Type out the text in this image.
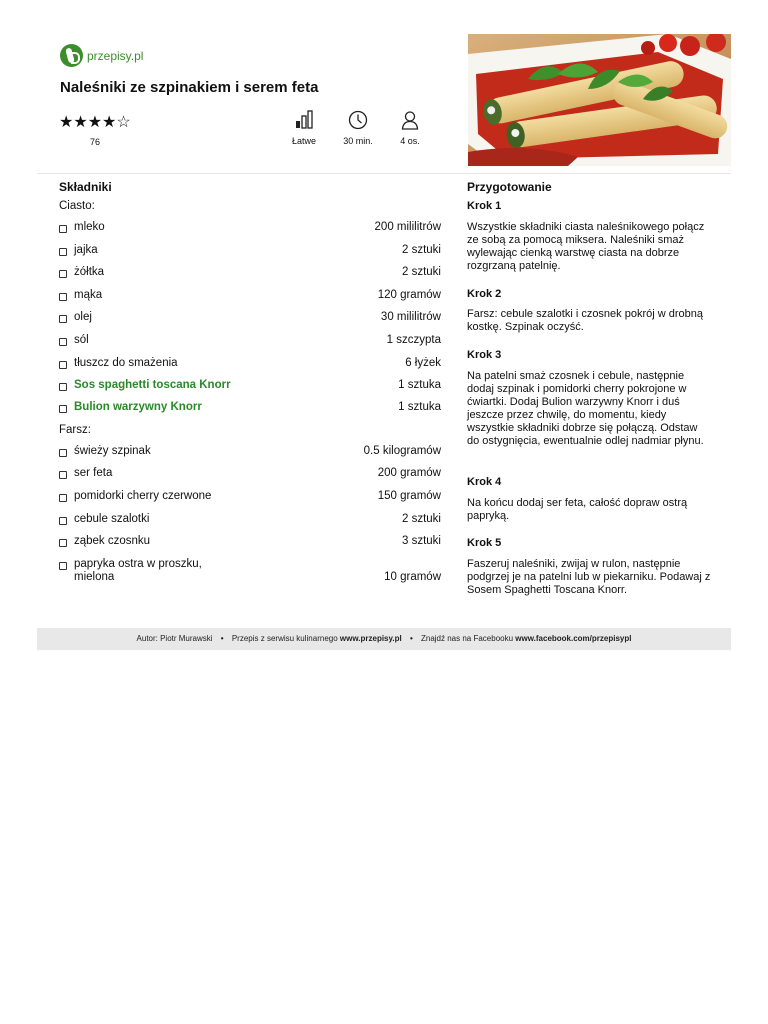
przepisy.pl
Naleśniki ze szpinakiem i serem feta
★★★★☆
76	Łatwe	30 min.	4 os.
Składniki
Ciasto:
mleko	200 mililitrów
jajka	2 sztuki
żółtka	2 sztuki
mąka	120 gramów
olej	30 mililitrów
sól	1 szczypta
tłuszcz do smażenia	6 łyżek
Sos spaghetti toscana Knorr	1 sztuka
Bulion warzywny Knorr	1 sztuka
Farsz:
świeży szpinak	0.5 kilogramów
ser feta	200 gramów
pomidorki cherry czerwone	150 gramów
cebule szalotki	2 sztuki
ząbek czosnku	3 sztuki
papryka ostra w proszku,
mielona	10 gramów
Przygotowanie
Krok 1
Wszystkie składniki ciasta naleśnikowego połącz ze sobą za pomocą miksera. Naleśniki smaż wylewając cienką warstwę ciasta na dobrze rozgrzaną patelnię.
Krok 2
Farsz: cebule szalotki i czosnek pokrój w drobną kostkę. Szpinak oczyść.
Krok 3
Na patelni smaż czosnek i cebule, następnie dodaj szpinak i pomidorki cherry pokrojone w ćwiartki. Dodaj Bulion warzywny Knorr i duś jeszcze przez chwilę, do momentu, kiedy wszystkie składniki dobrze się połączą. Odstaw do ostygnięcia, ewentualnie odlej nadmiar płynu.
Krok 4
Na końcu dodaj ser feta, całość dopraw ostrą papryką.
Krok 5
Faszeruj naleśniki, zwijaj w rulon, następnie podgrzej je na patelni lub w piekarniku. Podawaj z Sosem Spaghetti Toscana Knorr.
Autor: Piotr Murawski • Przepis z serwisu kulinarnego www.przepisy.pl • Znajdź nas na Facebooku www.facebook.com/przepisypl
